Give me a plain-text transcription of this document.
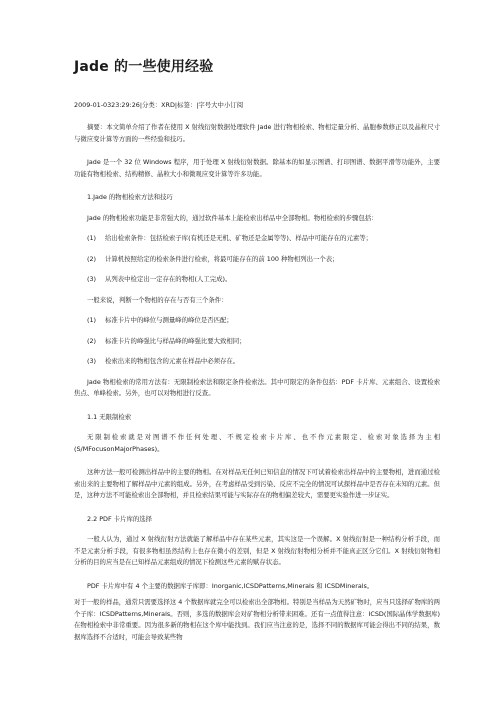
Jade 的一些使用经验
2009-01-0323:29:26|分类：XRD|标签：|字号大中小订阅

摘要：本文简单介绍了作者在使用 X 射线衍射数据处理软件 Jade 进行物相检索、物相定量分析、晶胞参数修正以及晶粒尺寸与微应变计算等方面的一些经验和技巧。

Jade 是一个 32 位 Windows 程序，用于处理 X 射线衍射数据。除基本的如显示图谱、打印图谱、数据平滑等功能外，主要功能有物相检索、结构精修、晶粒大小和微观应变计算等许多功能。

1.Jade 的物相检索方法和技巧

Jade 的物相检索功能是非常强大的，通过软件基本上能检索出样品中全部物相。物相检索的步骤包括：

(1)	给出检索条件：包括检索子库(有机还是无机、矿物还是金属等等)、样品中可能存在的元素等；
(2)	计算机按照给定的检索条件进行检索，将最可能存在的前 100 种物相列出一个表；
(3)	从列表中检定出一定存在的物相(人工完成)。

一般来说，判断一个物相的存在与否有三个条件：

(1)	标准卡片中的峰位与测量峰的峰位是否匹配；
(2)	标准卡片的峰强比与样品峰的峰强比要大致相同；
(3)	检索出来的物相包含的元素在样品中必须存在。

Jade 物相检索的常用方法有：无限制检索法和限定条件检索法。其中可限定的条件包括：PDF 卡片库、元素组合、设置检索焦点、单峰检索。另外，也可以对物相进行反查。

1.1 无限制检索

无限制检索就是对图谱不作任何处理、不规定检索卡片库、也不作元素限定、检索对象选择为主相(S/MFocusonMajorPhases)。

这种方法一般可检测出样品中的主要的物相。在对样品无任何已知信息的情况下可试着检索出样品中的主要物相，进而通过检索出来的主要物相了解样品中元素的组成。另外，在考虑样品受到污染、反应不完全的情况可试探样品中是否存在未知的元素。但是，这种方法不可能检索出全部物相，并且检索结果可能与实际存在的物相偏差较大，需要更实验作进一步证实。

2.2 PDF 卡片库的选择

一般人认为，通过 X 射线衍射方法就能了解样品中存在某些元素，其实这是一个误解。X 射线衍射是一种结构分析手段，而不是元素分析手段，有很多物相虽然结构上也存在微小的差别，但是 X 射线衍射物相分析并不能真正区分它们。X 射线衍射物相分析的目的应当是在已知样品元素组成的情况下检测这些元素的赋存状态。

PDF 卡片库中有 4 个主要的数据库子库即：Inorganic,ICSDPatterns,Minerals 和 ICSDMinerals。

对于一般的样品，通常只需要选择这 4 个数据库就完全可以检索出全部物相。特别是当样品为天然矿物时，应当只选择矿物库的两个子库：ICSDPatterns,Minerals。否则，多选的数据库会对矿物相分析带来困难。还有一点值得注意：ICSD(国际晶体学数据库)在物相检索中非常重要。因为很多新的物相在这个库中能找到。我们应当注意的是，选择不同的数据库可能会得出不同的结果，数据库选择不合适时，可能会导致某些物
